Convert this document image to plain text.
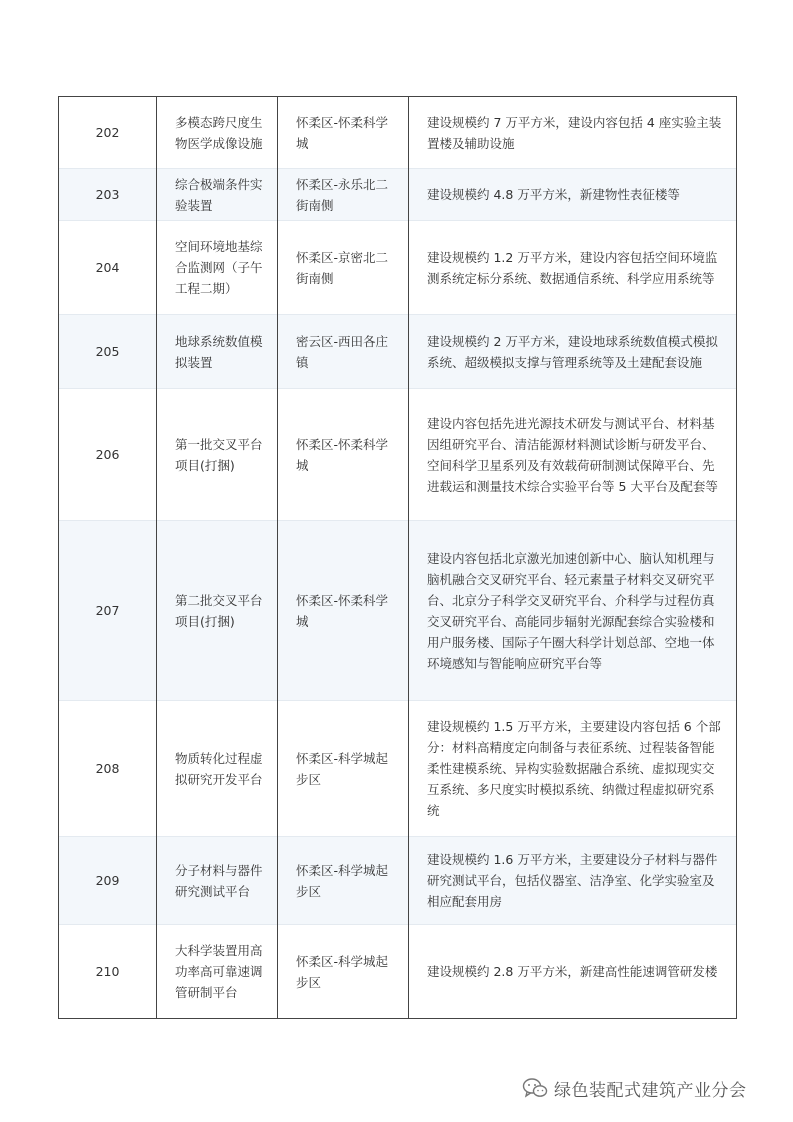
202	多模态跨尺度生物医学成像设施	怀柔区-怀柔科学城	建设规模约 7 万平方米，建设内容包括 4 座实验主装置楼及辅助设施
203	综合极端条件实验装置	怀柔区-永乐北二街南侧	建设规模约 4.8 万平方米，新建物性表征楼等
204	空间环境地基综合监测网（子午工程二期）	怀柔区-京密北二街南侧	建设规模约 1.2 万平方米，建设内容包括空间环境监测系统定标分系统、数据通信系统、科学应用系统等
205	地球系统数值模拟装置	密云区-西田各庄镇	建设规模约 2 万平方米，建设地球系统数值模式模拟系统、超级模拟支撑与管理系统等及土建配套设施
206	第一批交叉平台项目(打捆)	怀柔区-怀柔科学城	建设内容包括先进光源技术研发与测试平台、材料基因组研究平台、清洁能源材料测试诊断与研发平台、空间科学卫星系列及有效载荷研制测试保障平台、先进载运和测量技术综合实验平台等 5 大平台及配套等
207	第二批交叉平台项目(打捆)	怀柔区-怀柔科学城	建设内容包括北京激光加速创新中心、脑认知机理与脑机融合交叉研究平台、轻元素量子材料交叉研究平台、北京分子科学交叉研究平台、介科学与过程仿真交叉研究平台、高能同步辐射光源配套综合实验楼和用户服务楼、国际子午圈大科学计划总部、空地一体环境感知与智能响应研究平台等
208	物质转化过程虚拟研究开发平台	怀柔区-科学城起步区	建设规模约 1.5 万平方米，主要建设内容包括 6 个部分：材料高精度定向制备与表征系统、过程装备智能柔性建模系统、异构实验数据融合系统、虚拟现实交互系统、多尺度实时模拟系统、纳微过程虚拟研究系统
209	分子材料与器件研究测试平台	怀柔区-科学城起步区	建设规模约 1.6 万平方米，主要建设分子材料与器件研究测试平台，包括仪器室、洁净室、化学实验室及相应配套用房
210	大科学装置用高功率高可靠速调管研制平台	怀柔区-科学城起步区	建设规模约 2.8 万平方米，新建高性能速调管研发楼
绿色装配式建筑产业分会
